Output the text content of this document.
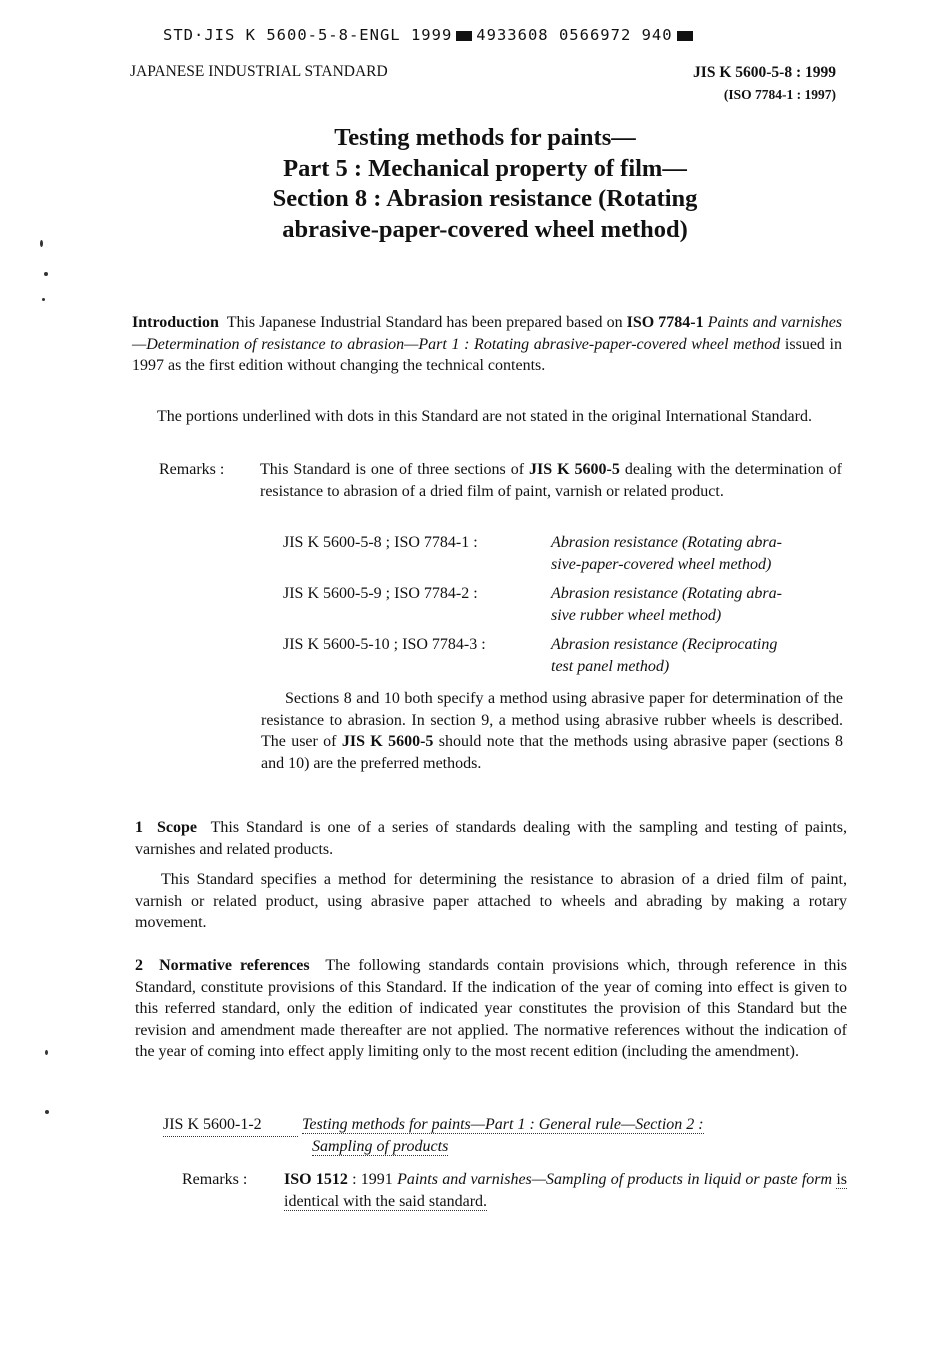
STD·JIS K 5600-5-8-ENGL 1999 4933608 0566972 940
JAPANESE INDUSTRIAL STANDARD	JIS K 5600-5-8 : 1999
(ISO 7784-1 : 1997)
Testing methods for paints—
Part 5 : Mechanical property of film—
Section 8 : Abrasion resistance (Rotating
abrasive-paper-covered wheel method)
Introduction This Japanese Industrial Standard has been prepared based on ISO 7784-1 Paints and varnishes—Determination of resistance to abrasion—Part 1 : Rotating abrasive-paper-covered wheel method issued in 1997 as the first edition without changing the technical contents.
The portions underlined with dots in this Standard are not stated in the original International Standard.
Remarks : This Standard is one of three sections of JIS K 5600-5 dealing with the determination of resistance to abrasion of a dried film of paint, varnish or related product.
JIS K 5600-5-8 ; ISO 7784-1 :	Abrasion resistance (Rotating abra-
sive-paper-covered wheel method)
JIS K 5600-5-9 ; ISO 7784-2 :	Abrasion resistance (Rotating abra-
sive rubber wheel method)
JIS K 5600-5-10 ; ISO 7784-3 :	Abrasion resistance (Reciprocating
test panel method)
Sections 8 and 10 both specify a method using abrasive paper for determination of the resistance to abrasion. In section 9, a method using abrasive rubber wheels is described. The user of JIS K 5600-5 should note that the methods using abrasive paper (sections 8 and 10) are the preferred methods.
1 Scope This Standard is one of a series of standards dealing with the sampling and testing of paints, varnishes and related products.
This Standard specifies a method for determining the resistance to abrasion of a dried film of paint, varnish or related product, using abrasive paper attached to wheels and abrading by making a rotary movement.
2 Normative references The following standards contain provisions which, through reference in this Standard, constitute provisions of this Standard. If the indication of the year of coming into effect is given to this referred standard, only the edition of indicated year constitutes the provision of this Standard but the revision and amendment made thereafter are not applied. The normative references without the indication of the year of coming into effect apply limiting only to the most recent edition (including the amendment).
JIS K 5600-1-2	Testing methods for paints—Part 1 : General rule—Section 2 :
Sampling of products
Remarks : ISO 1512 : 1991 Paints and varnishes—Sampling of products in liquid or paste form is identical with the said standard.
